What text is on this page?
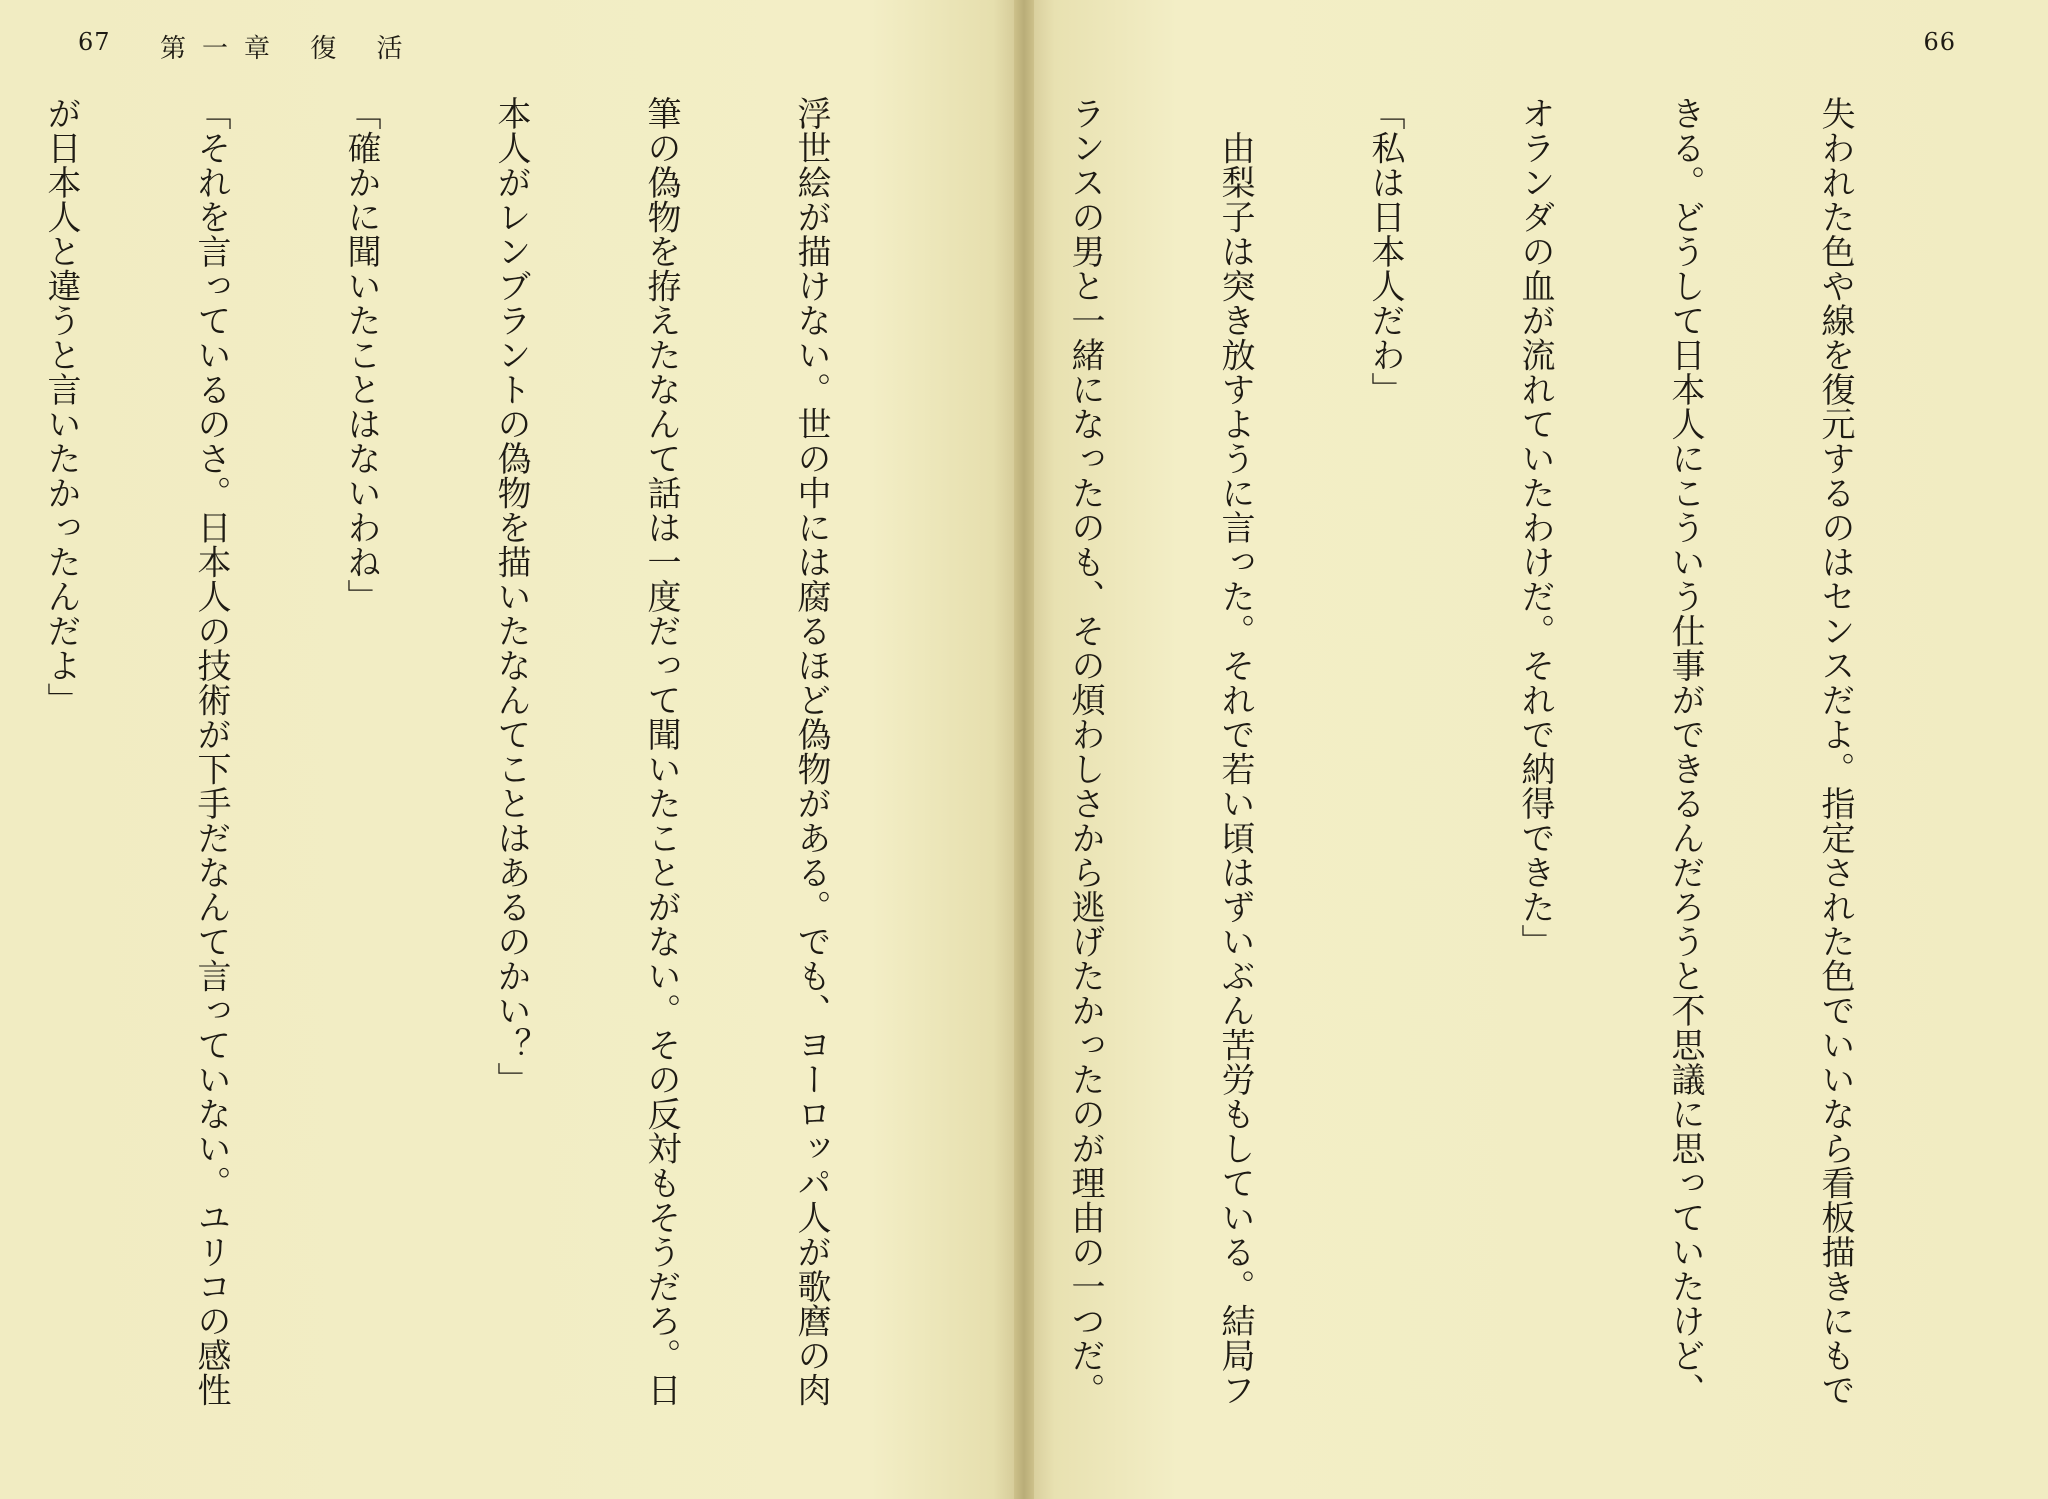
67 第一章 復 活

浮世絵が描けない。世の中には腐るほど偽物がある。でも、ヨーロッパ人が歌麿の肉

筆の偽物を拵えたなんて話は一度だって聞いたことがない。その反対もそうだろ。日

本人がレンブラントの偽物を描いたなんてことはあるのかい？」

「確かに聞いたことはないわね」

「それを言っているのさ。日本人の技術が下手だなんて言っていない。ユリコの感性

が日本人と違うと言いたかったんだよ」

66

失われた色や線を復元するのはセンスだよ。指定された色でいいなら看板描きにもで

きる。どうして日本人にこういう仕事ができるんだろうと不思議に思っていたけど、

オランダの血が流れていたわけだ。それで納得できた」

「私は日本人だわ」

　由梨子は突き放すように言った。それで若い頃はずいぶん苦労もしている。結局フ

ランスの男と一緒になったのも、その煩わしさから逃げたかったのが理由の一つだ。
